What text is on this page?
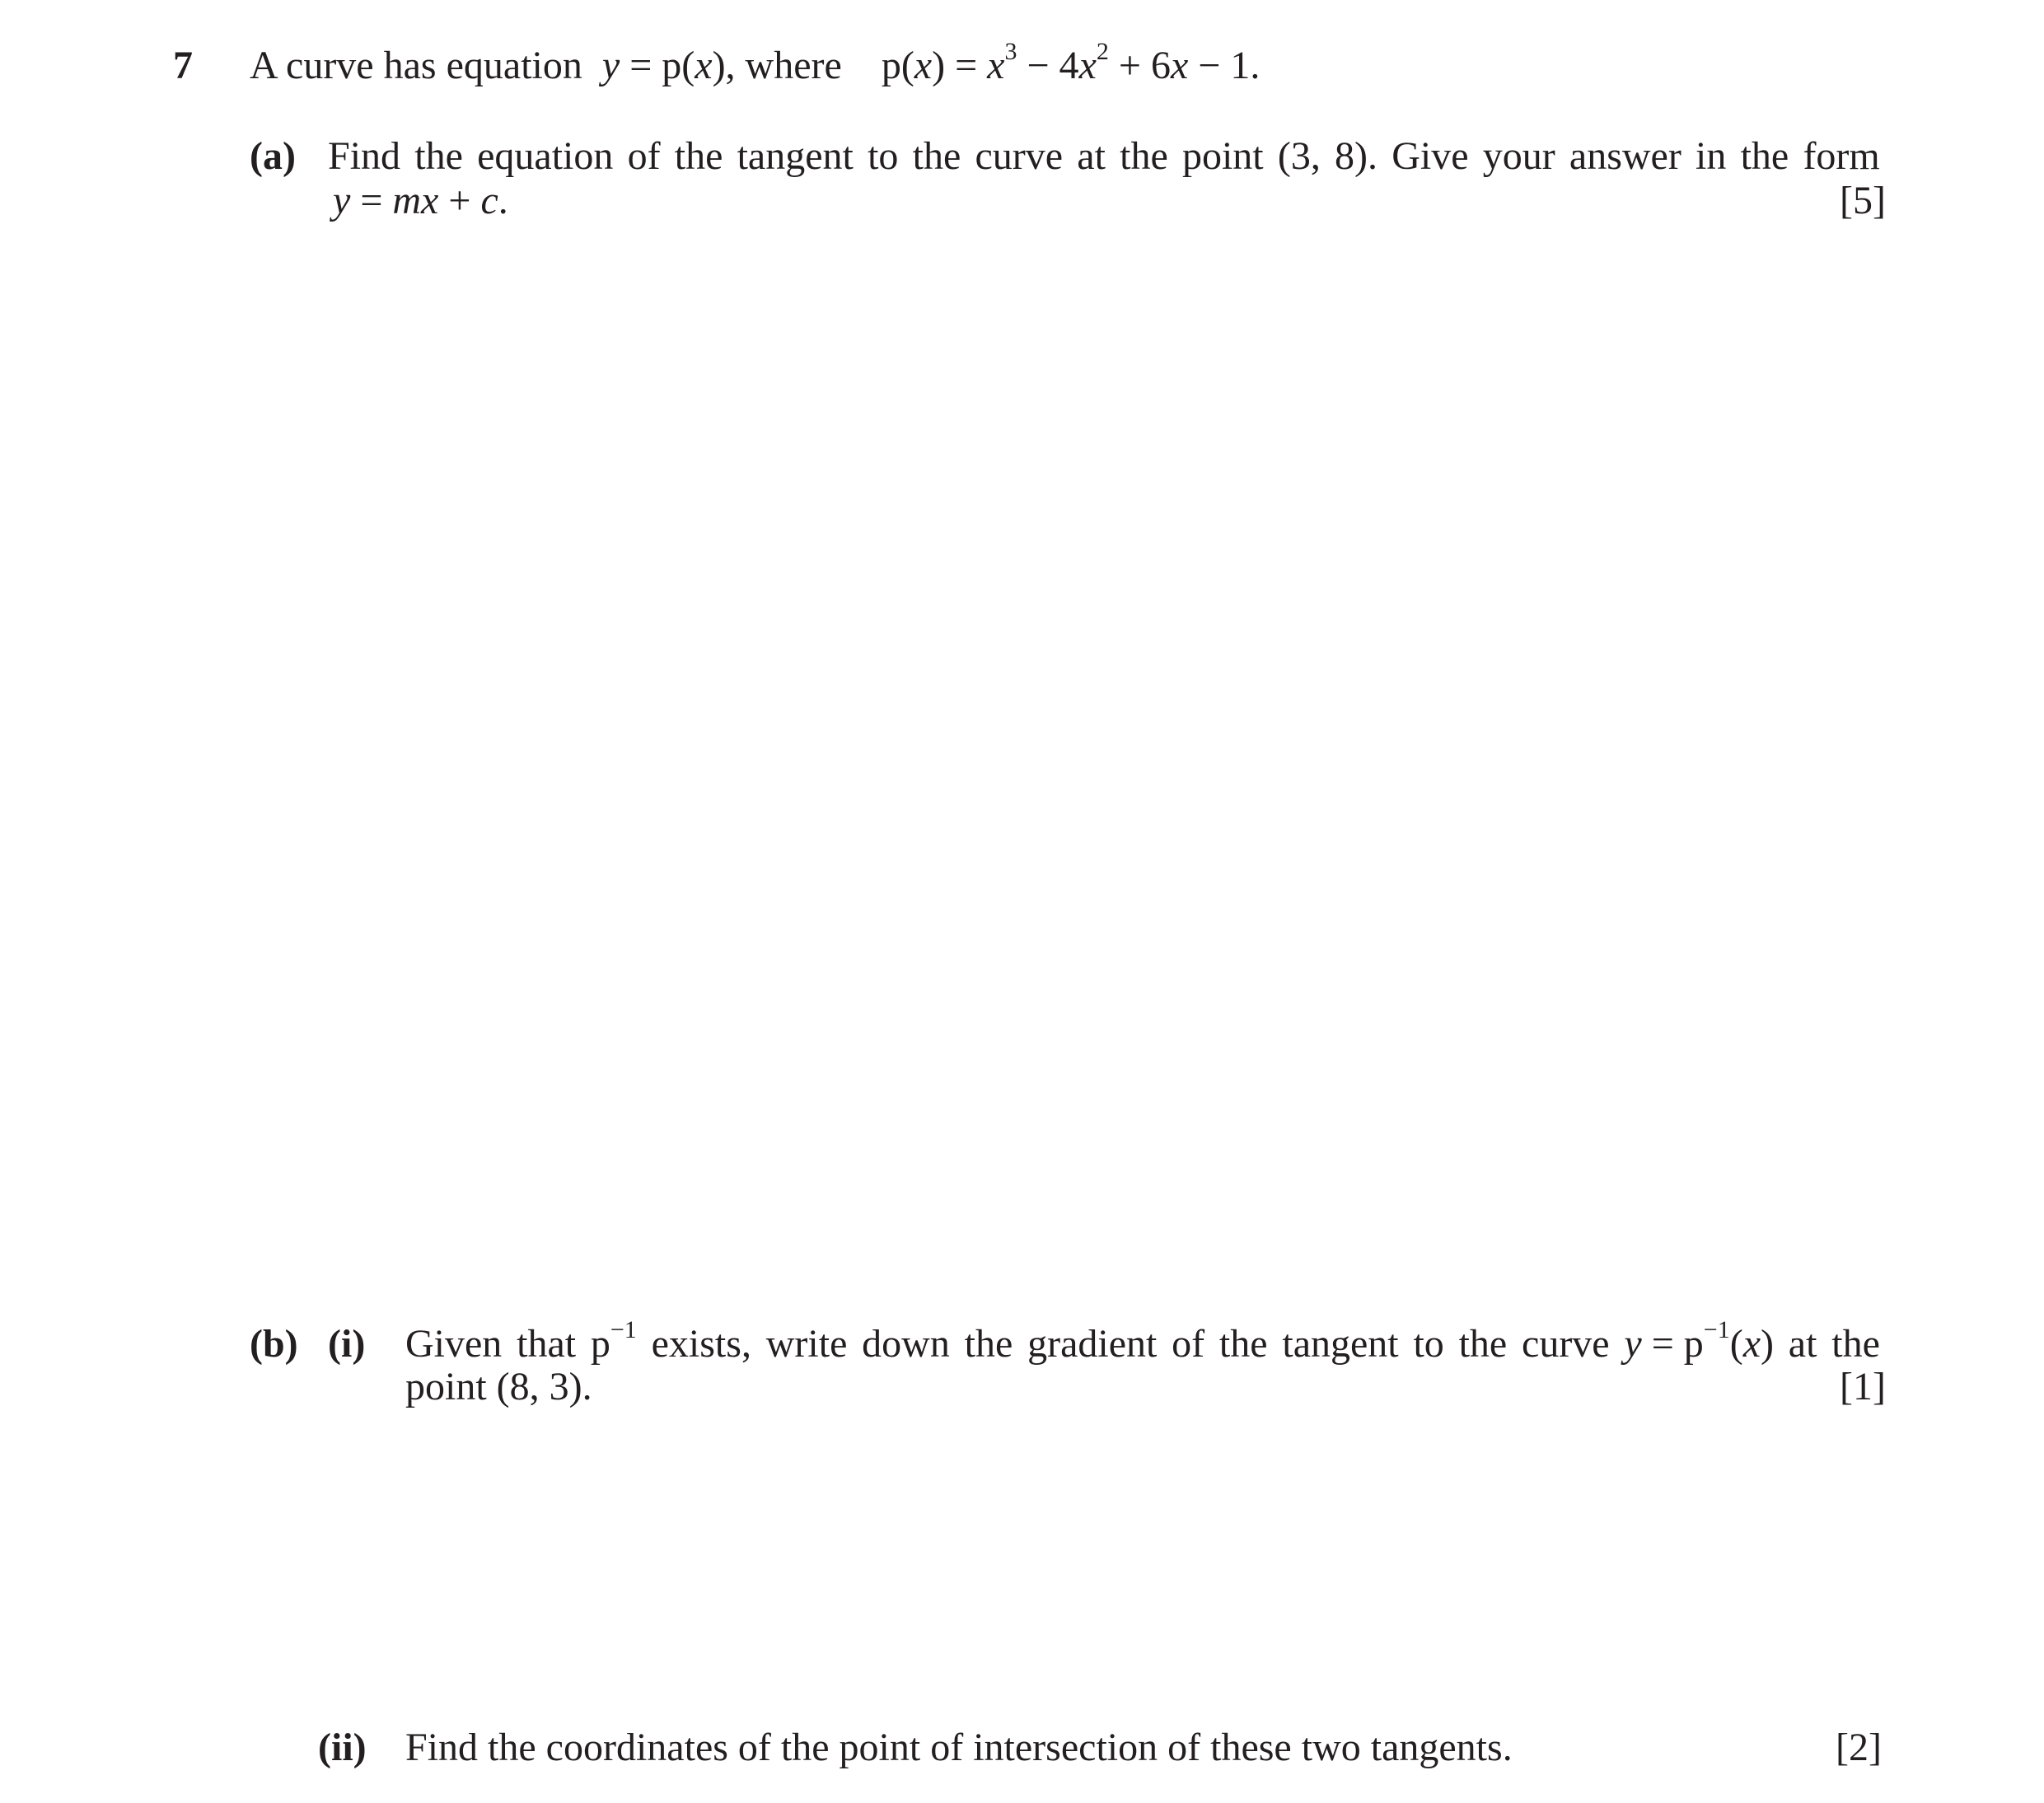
7 A curve has equation y = p(x), where $p(x) = x^3 - 4x^2 + 6x - 1$.
(a) Find the equation of the tangent to the curve at the point (3, 8). Give your answer in the form
y = mx + c.	[5]
(b) (i) Given that $p^{-1}$ exists, write down the gradient of the tangent to the curve $y = p^{-1}(x)$ at the
point (8, 3).	[1]
(ii) Find the coordinates of the point of intersection of these two tangents.	[2]
